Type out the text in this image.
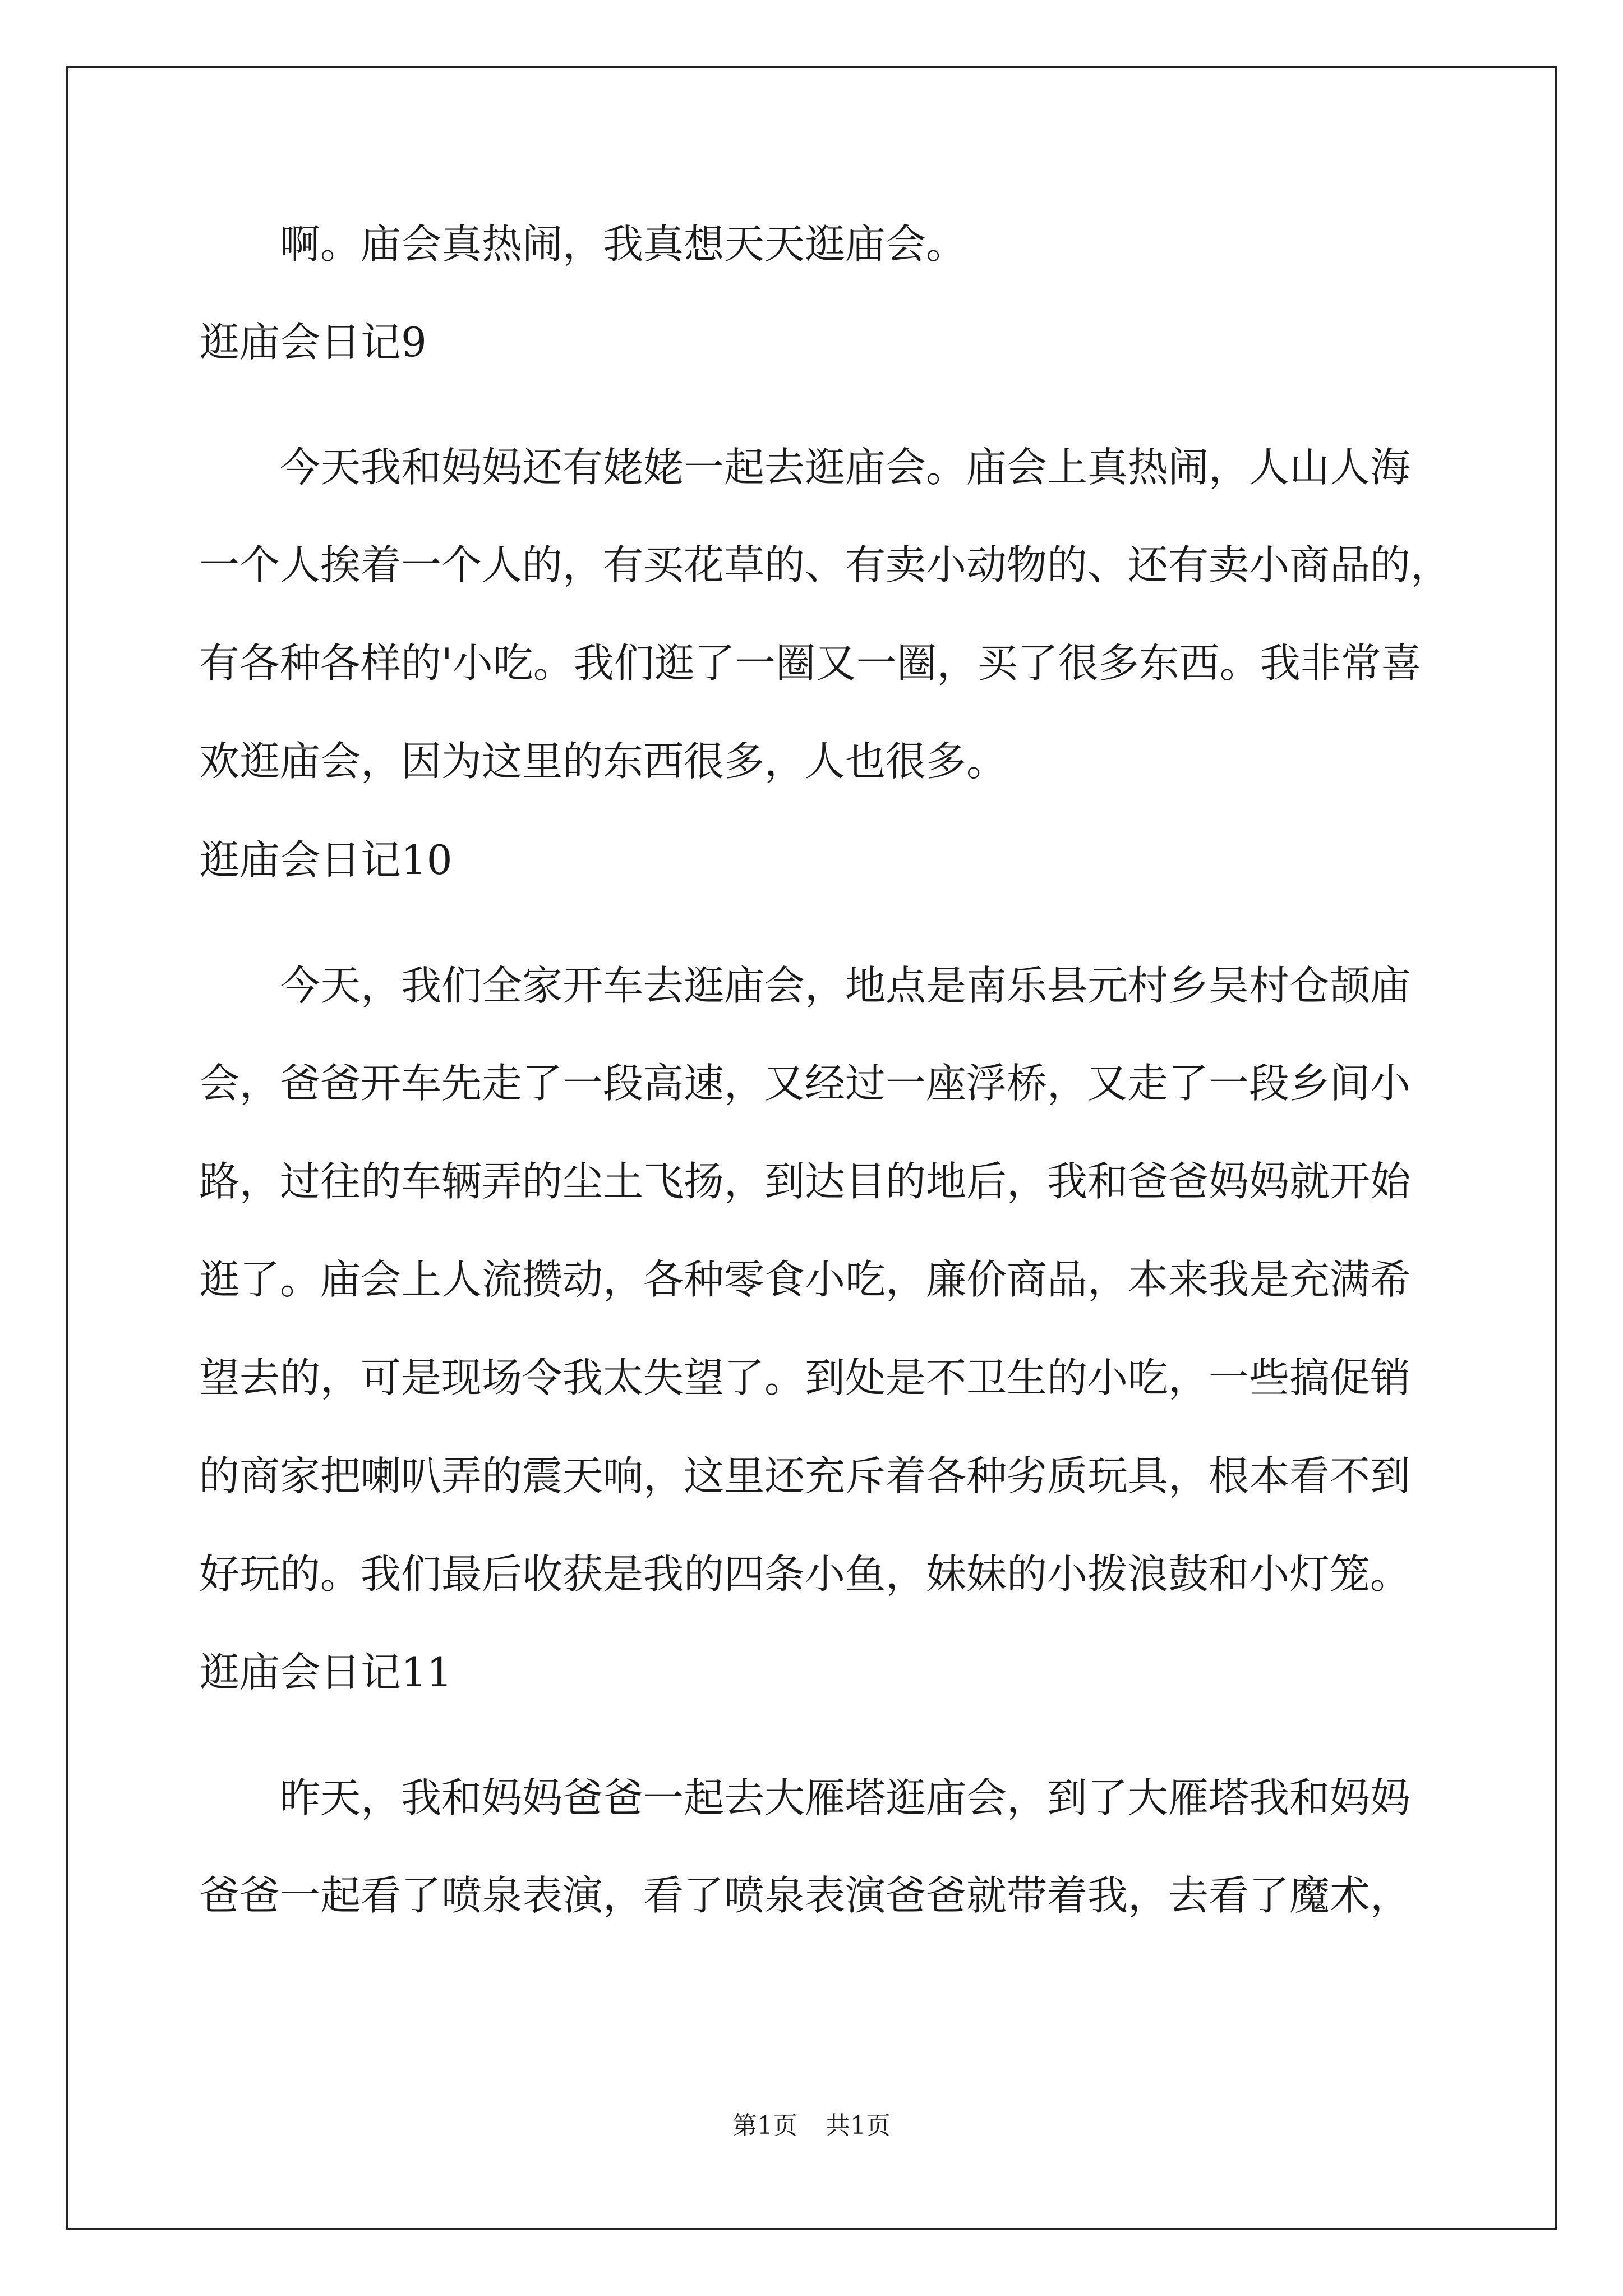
啊。庙会真热闹，我真想天天逛庙会。
逛庙会日记9
今天我和妈妈还有姥姥一起去逛庙会。庙会上真热闹，人山人海
一个人挨着一个人的，有买花草的、有卖小动物的、还有卖小商品的，
有各种各样的'小吃。我们逛了一圈又一圈，买了很多东西。我非常喜
欢逛庙会，因为这里的东西很多，人也很多。
逛庙会日记10
今天，我们全家开车去逛庙会，地点是南乐县元村乡吴村仓颉庙
会，爸爸开车先走了一段高速，又经过一座浮桥，又走了一段乡间小
路，过往的车辆弄的尘土飞扬，到达目的地后，我和爸爸妈妈就开始
逛了。庙会上人流攒动，各种零食小吃，廉价商品，本来我是充满希
望去的，可是现场令我太失望了。到处是不卫生的小吃，一些搞促销
的商家把喇叭弄的震天响，这里还充斥着各种劣质玩具，根本看不到
好玩的。我们最后收获是我的四条小鱼，妹妹的小拨浪鼓和小灯笼。
逛庙会日记11
昨天，我和妈妈爸爸一起去大雁塔逛庙会，到了大雁塔我和妈妈
爸爸一起看了喷泉表演，看了喷泉表演爸爸就带着我，去看了魔术，
第1页 共1页
